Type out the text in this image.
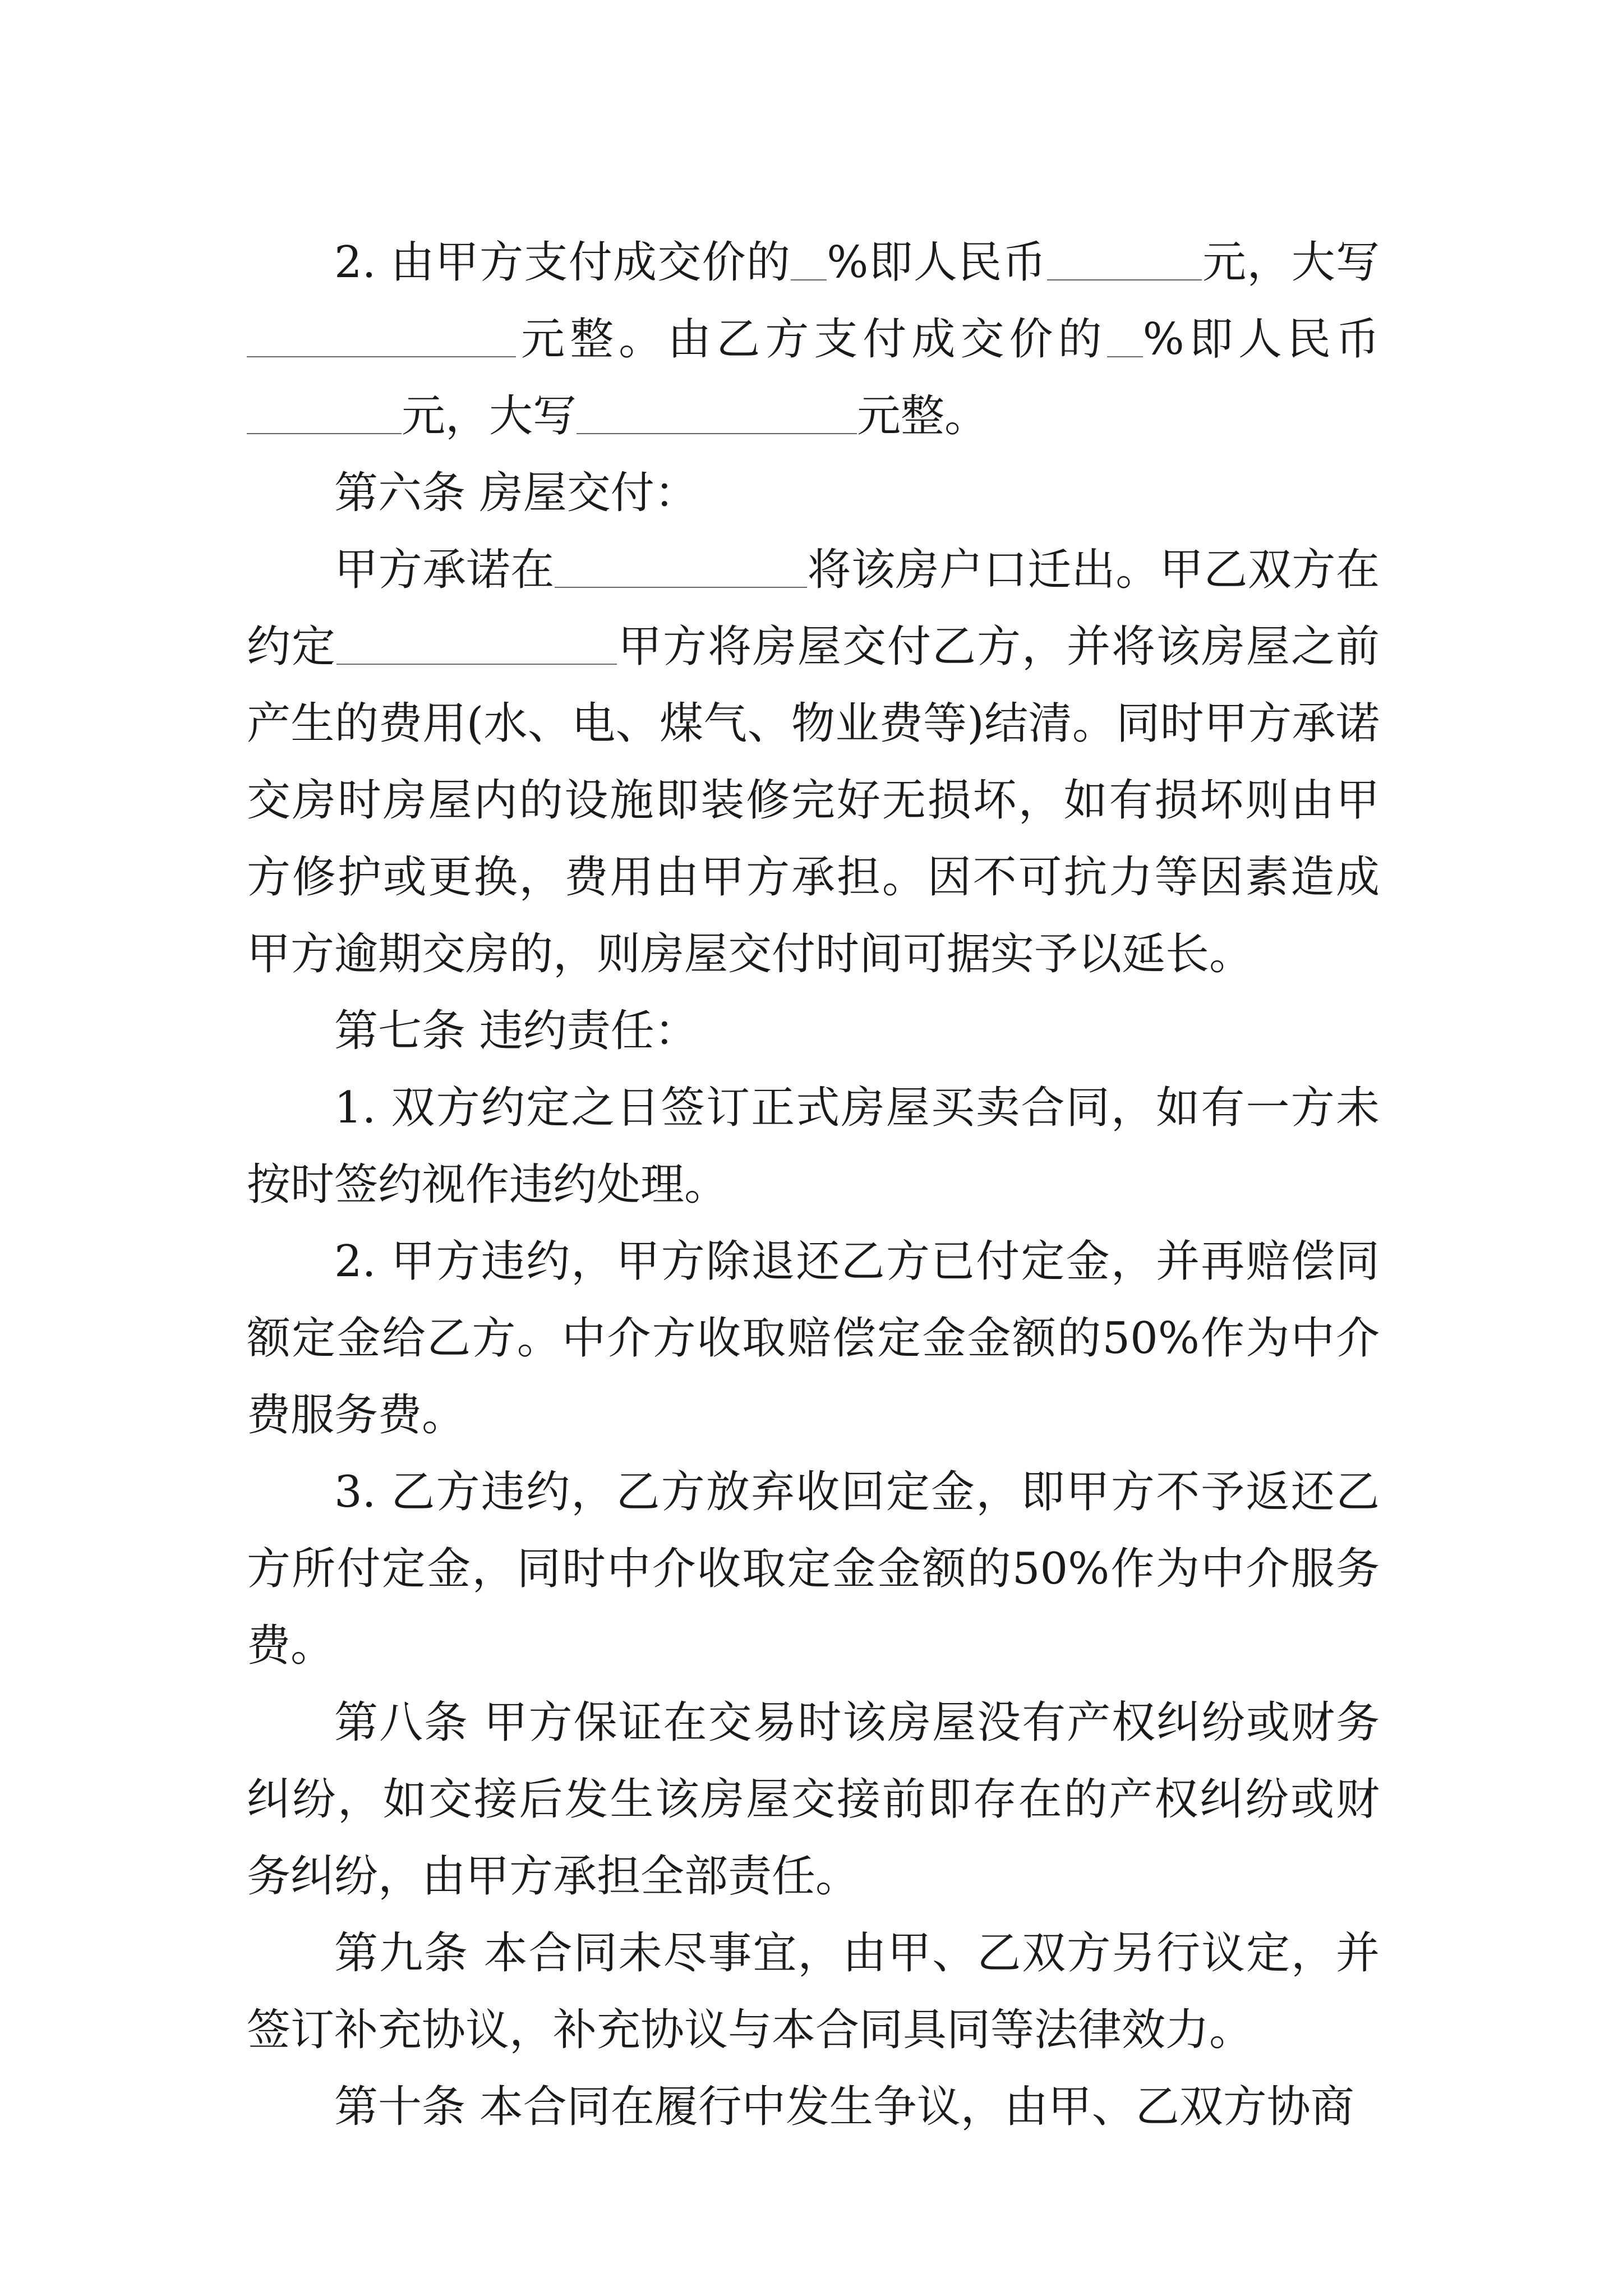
2. 由甲方支付成交价的 %即人民币	元，大写元整。由乙方支付成交价的 %即人民币元，大写	元整。

第六条 房屋交付：

甲方承诺在	将该房户口迁出。甲乙双方在约定	甲方将房屋交付乙方，并将该房屋之前产生的费用(水、电、煤气、物业费等)结清。同时甲方承诺交房时房屋内的设施即装修完好无损坏，如有损坏则由甲方修护或更换，费用由甲方承担。因不可抗力等因素造成甲方逾期交房的，则房屋交付时间可据实予以延长。

第七条 违约责任：

1. 双方约定之日签订正式房屋买卖合同，如有一方未按时签约视作违约处理。

2. 甲方违约，甲方除退还乙方已付定金，并再赔偿同额定金给乙方。中介方收取赔偿定金金额的50%作为中介费服务费。

3. 乙方违约，乙方放弃收回定金，即甲方不予返还乙方所付定金，同时中介收取定金金额的50%作为中介服务费。

第八条 甲方保证在交易时该房屋没有产权纠纷或财务纠纷，如交接后发生该房屋交接前即存在的产权纠纷或财务纠纷，由甲方承担全部责任。

第九条 本合同未尽事宜，由甲、乙双方另行议定，并签订补充协议，补充协议与本合同具同等法律效力。

第十条 本合同在履行中发生争议，由甲、乙双方协商
